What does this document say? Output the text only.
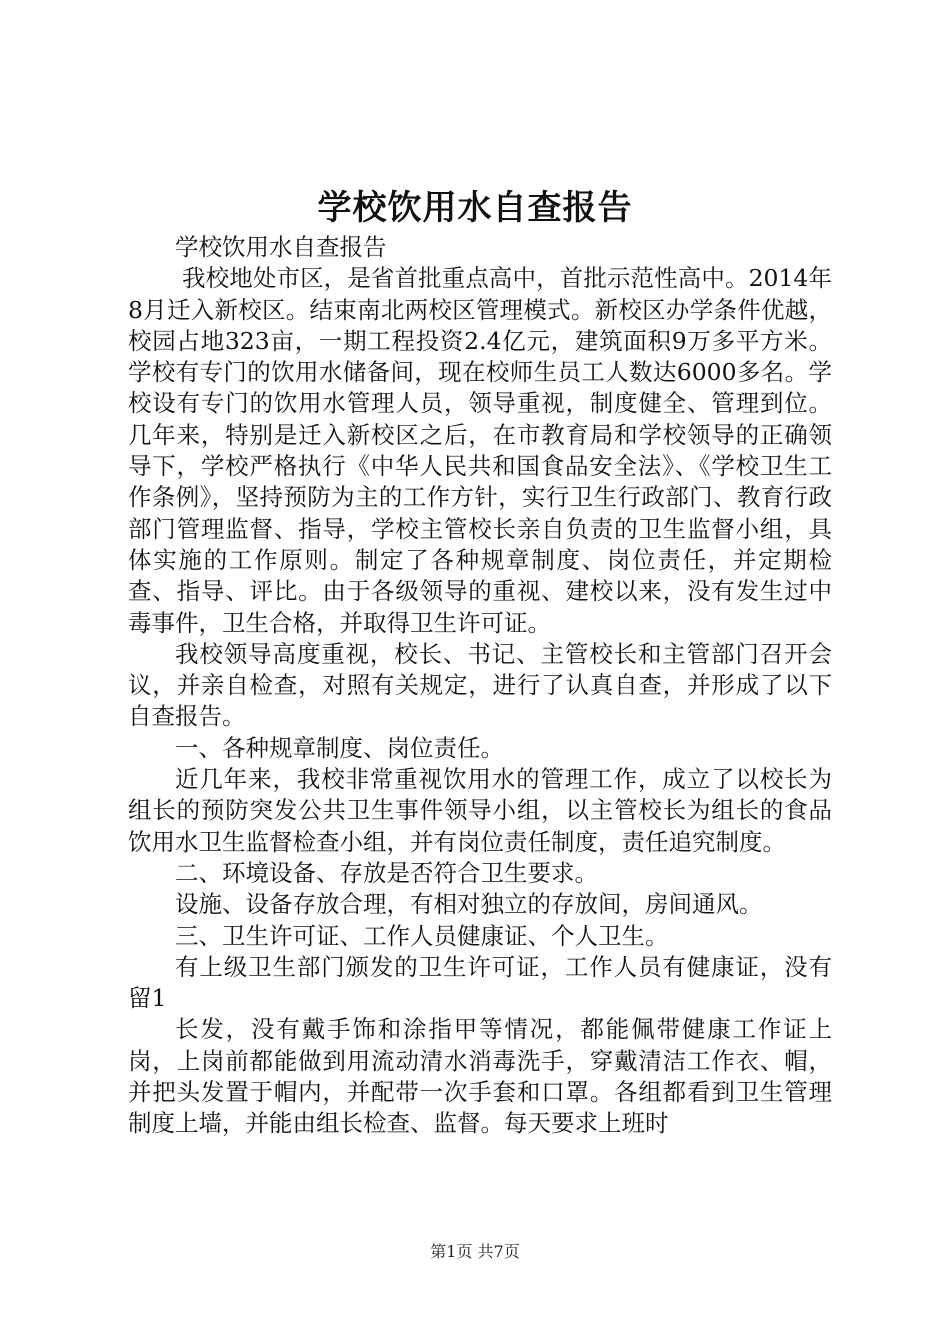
学校饮用水自查报告

学校饮用水自查报告

我校地处市区，是省首批重点高中，首批示范性高中。2014年8月迁入新校区。结束南北两校区管理模式。新校区办学条件优越，校园占地323亩，一期工程投资2.4亿元，建筑面积9万多平方米。学校有专门的饮用水储备间，现在校师生员工人数达6000多名。学校设有专门的饮用水管理人员，领导重视，制度健全、管理到位。几年来，特别是迁入新校区之后，在市教育局和学校领导的正确领导下，学校严格执行《中华人民共和国食品安全法》、《学校卫生工作条例》，坚持预防为主的工作方针，实行卫生行政部门、教育行政部门管理监督、指导，学校主管校长亲自负责的卫生监督小组，具体实施的工作原则。制定了各种规章制度、岗位责任，并定期检查、指导、评比。由于各级领导的重视、建校以来，没有发生过中毒事件，卫生合格，并取得卫生许可证。

我校领导高度重视，校长、书记、主管校长和主管部门召开会议，并亲自检查，对照有关规定，进行了认真自查，并形成了以下自查报告。

一、各种规章制度、岗位责任。

近几年来，我校非常重视饮用水的管理工作，成立了以校长为组长的预防突发公共卫生事件领导小组，以主管校长为组长的食品饮用水卫生监督检查小组，并有岗位责任制度，责任追究制度。

二、环境设备、存放是否符合卫生要求。

设施、设备存放合理，有相对独立的存放间，房间通风。

三、卫生许可证、工作人员健康证、个人卫生。

有上级卫生部门颁发的卫生许可证，工作人员有健康证，没有留1

长发，没有戴手饰和涂指甲等情况，都能佩带健康工作证上岗，上岗前都能做到用流动清水消毒洗手，穿戴清洁工作衣、帽，并把头发置于帽内，并配带一次手套和口罩。各组都看到卫生管理制度上墙，并能由组长检查、监督。每天要求上班时

第1页 共7页
